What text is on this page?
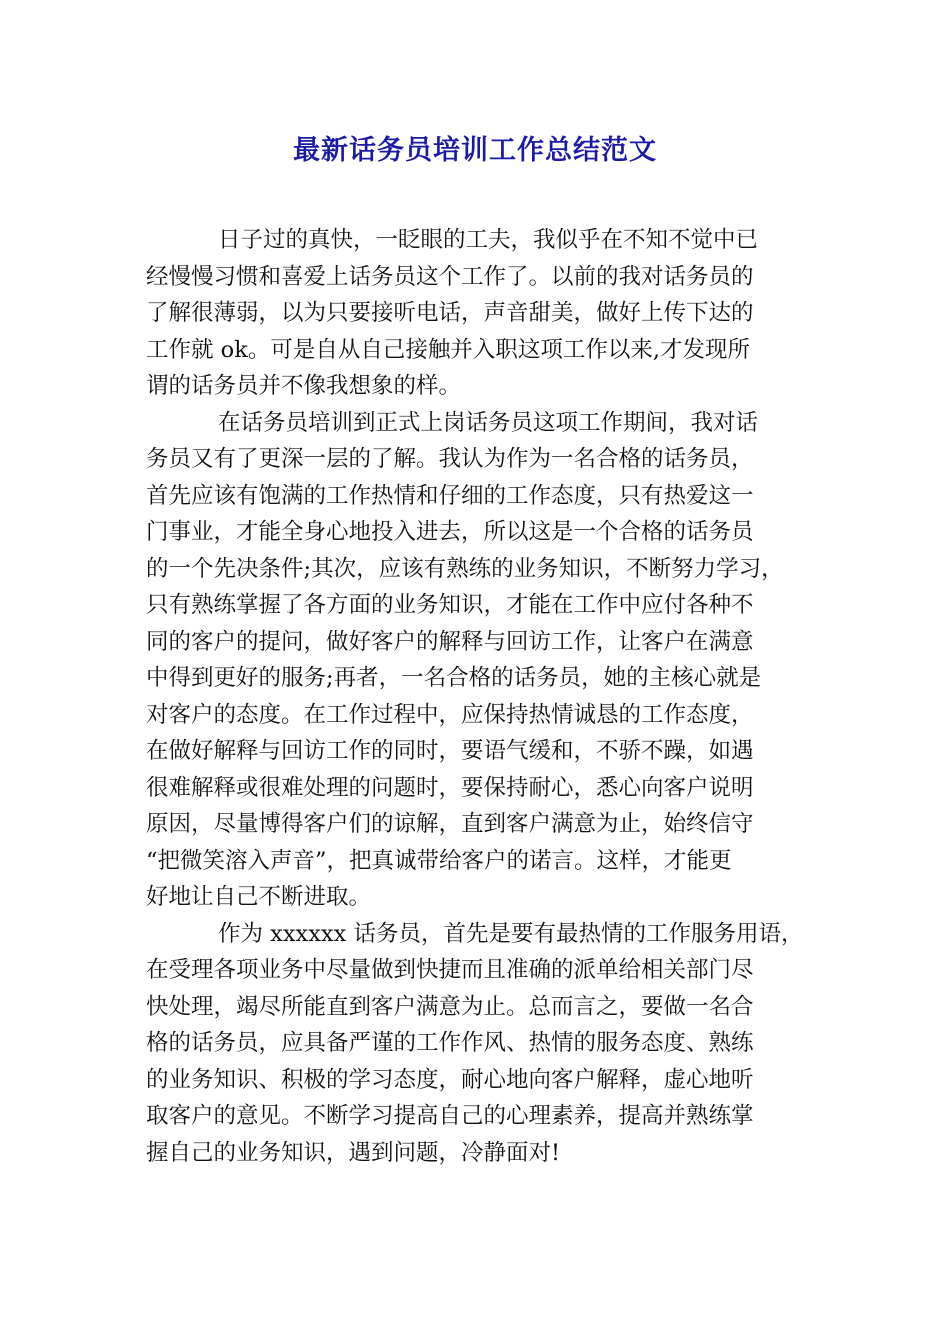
最新话务员培训工作总结范文
日子过的真快，一眨眼的工夫，我似乎在不知不觉中已
经慢慢习惯和喜爱上话务员这个工作了。以前的我对话务员的
了解很薄弱，以为只要接听电话，声音甜美，做好上传下达的
工作就 ok。可是自从自己接触并入职这项工作以来,才发现所
谓的话务员并不像我想象的样。
在话务员培训到正式上岗话务员这项工作期间，我对话
务员又有了更深一层的了解。我认为作为一名合格的话务员，
首先应该有饱满的工作热情和仔细的工作态度，只有热爱这一
门事业，才能全身心地投入进去，所以这是一个合格的话务员
的一个先决条件;其次，应该有熟练的业务知识，不断努力学习，
只有熟练掌握了各方面的业务知识，才能在工作中应付各种不
同的客户的提问，做好客户的解释与回访工作，让客户在满意
中得到更好的服务;再者，一名合格的话务员，她的主核心就是
对客户的态度。在工作过程中，应保持热情诚恳的工作态度，
在做好解释与回访工作的同时，要语气缓和，不骄不躁，如遇
很难解释或很难处理的问题时，要保持耐心，悉心向客户说明
原因，尽量博得客户们的谅解，直到客户满意为止，始终信守
“把微笑溶入声音”，把真诚带给客户的诺言。这样，才能更
好地让自己不断进取。
作为 xxxxxx 话务员，首先是要有最热情的工作服务用语，
在受理各项业务中尽量做到快捷而且准确的派单给相关部门尽
快处理，竭尽所能直到客户满意为止。总而言之，要做一名合
格的话务员，应具备严谨的工作作风、热情的服务态度、熟练
的业务知识、积极的学习态度，耐心地向客户解释，虚心地听
取客户的意见。不断学习提高自己的心理素养，提高并熟练掌
握自己的业务知识，遇到问题，冷静面对!
